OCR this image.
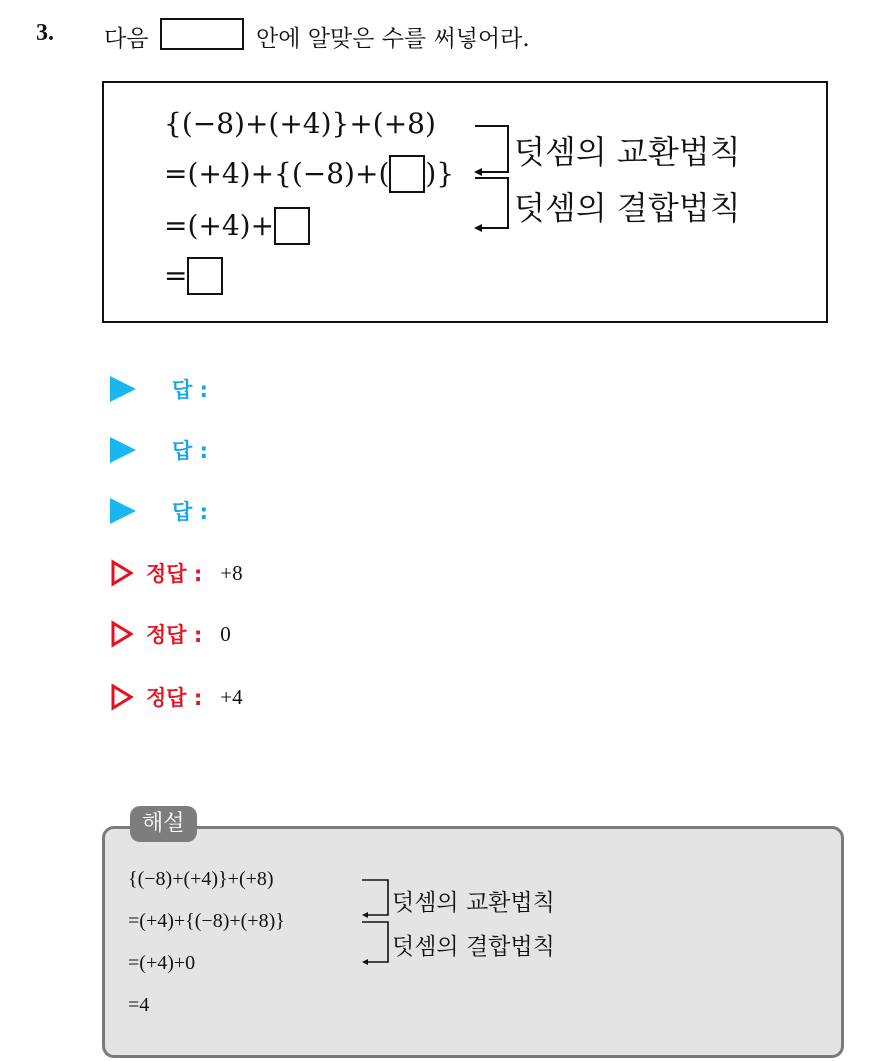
3. 다음	안에 알맞은 수를 써넣어라.
{(−8)+(+4)}+(+8)
=(+4)+{(−8)+( )}
=(+4)+
=
덧셈의 교환법칙
덧셈의 결합법칙
답 :
답 :
답 :
정답 : +8
정답 : 0
정답 : +4
해설
{(−8)+(+4)}+(+8)
=(+4)+{(−8)+(+8)}
=(+4)+0
=4
덧셈의 교환법칙
덧셈의 결합법칙
